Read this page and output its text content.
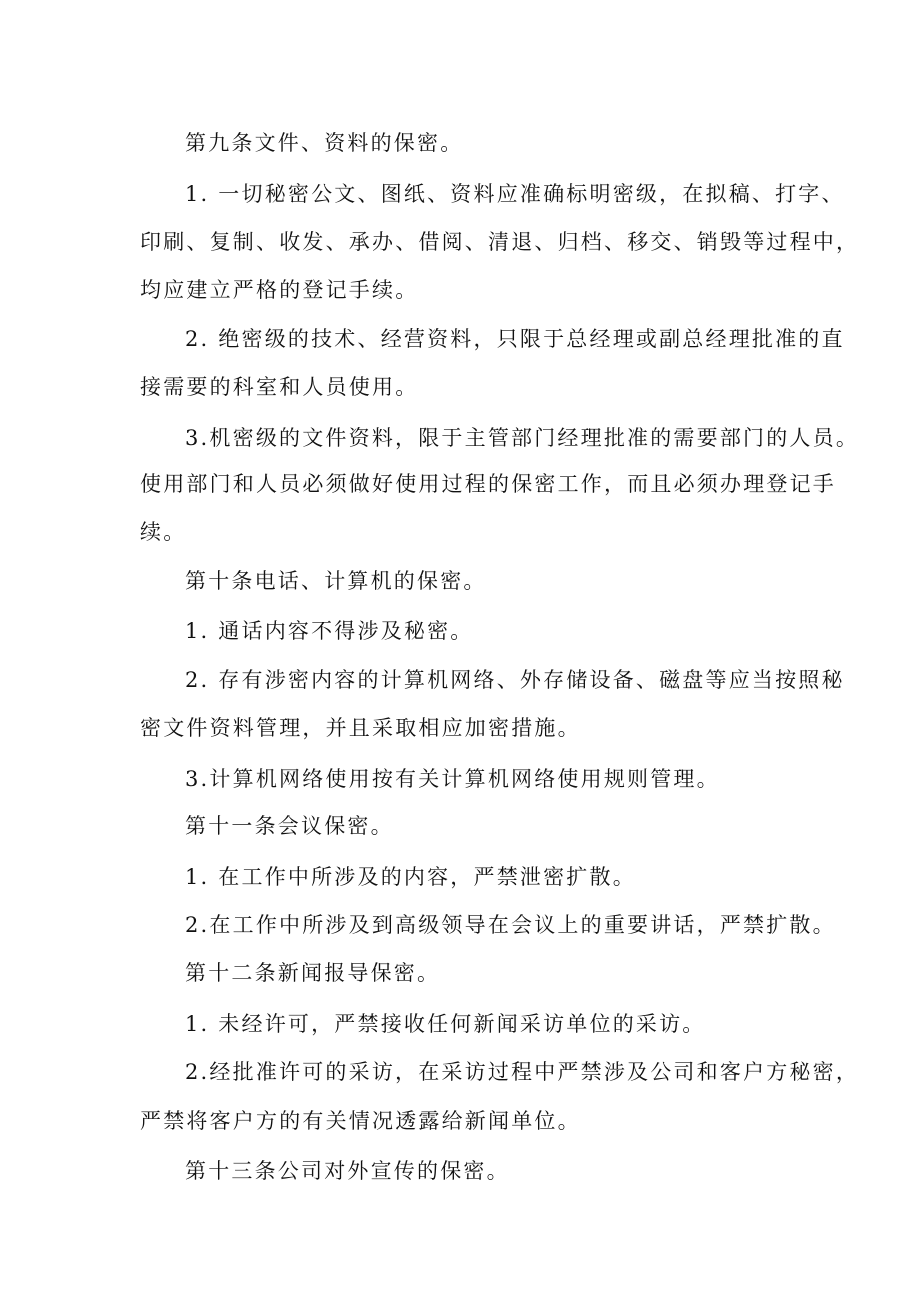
第九条文件、资料的保密。
1. 一切秘密公文、图纸、资料应准确标明密级，在拟稿、打字、
印刷、复制、收发、承办、借阅、清退、归档、移交、销毁等过程中，
均应建立严格的登记手续。
2. 绝密级的技术、经营资料，只限于总经理或副总经理批准的直
接需要的科室和人员使用。
3.机密级的文件资料，限于主管部门经理批准的需要部门的人员。
使用部门和人员必须做好使用过程的保密工作，而且必须办理登记手
续。
第十条电话、计算机的保密。
1. 通话内容不得涉及秘密。
2. 存有涉密内容的计算机网络、外存储设备、磁盘等应当按照秘
密文件资料管理，并且采取相应加密措施。
3.计算机网络使用按有关计算机网络使用规则管理。
第十一条会议保密。
1. 在工作中所涉及的内容，严禁泄密扩散。
2.在工作中所涉及到高级领导在会议上的重要讲话，严禁扩散。
第十二条新闻报导保密。
1. 未经许可，严禁接收任何新闻采访单位的采访。
2.经批准许可的采访，在采访过程中严禁涉及公司和客户方秘密，
严禁将客户方的有关情况透露给新闻单位。
第十三条公司对外宣传的保密。
